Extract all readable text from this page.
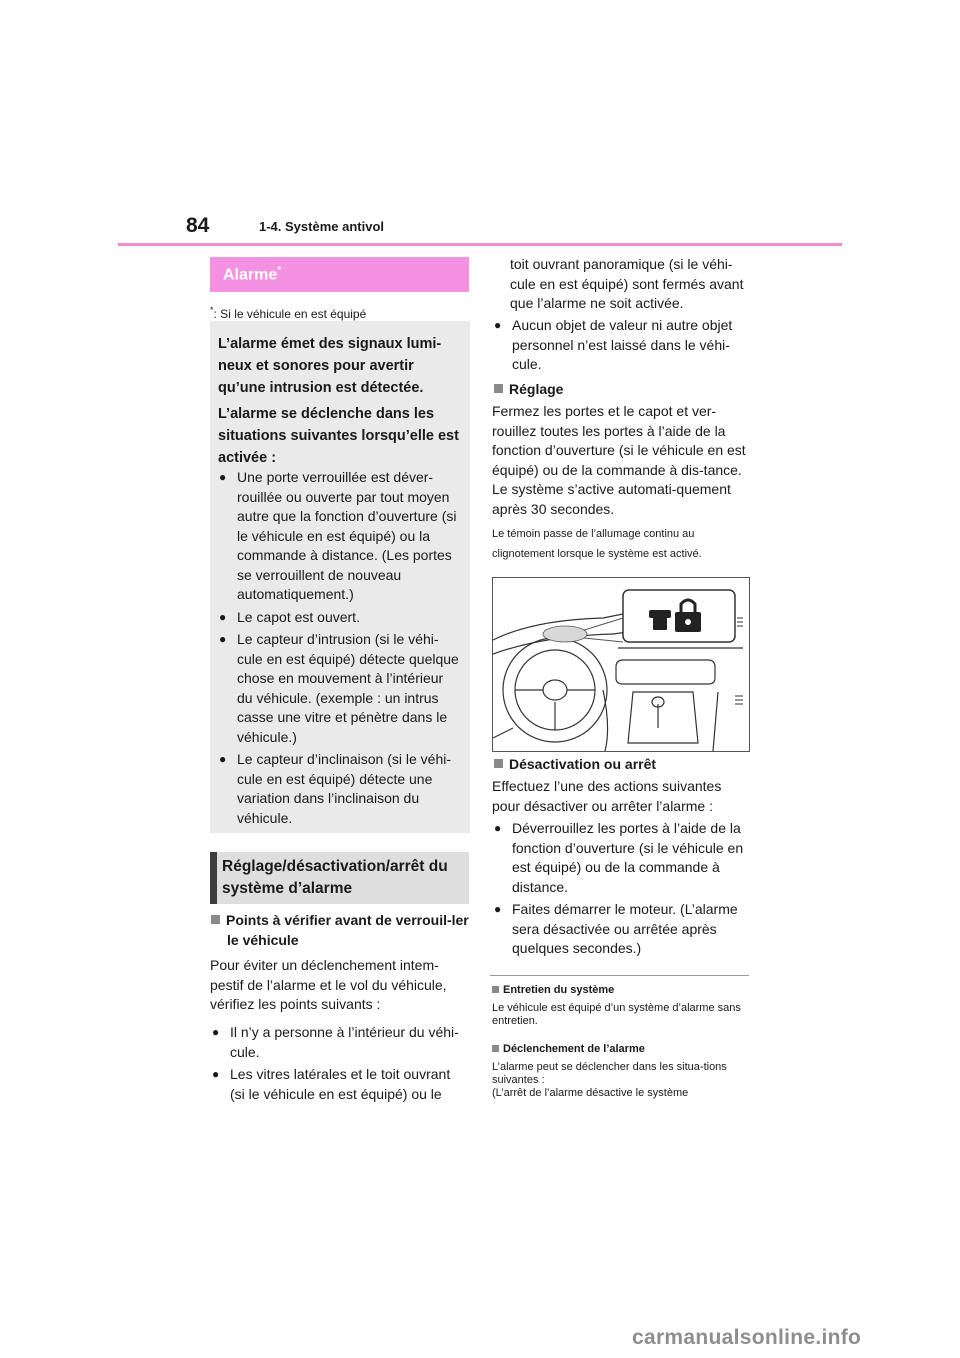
84	1-4. Système antivol
Alarme*
*: Si le véhicule en est équipé

L’alarme émet des signaux lumi-neux et sonores pour avertir qu’une intrusion est détectée.

L’alarme se déclenche dans les situations suivantes lorsqu’elle est activée :

● Une porte verrouillée est déver-rouillée ou ouverte par tout moyen autre que la fonction d’ouverture (si le véhicule en est équipé) ou la commande à distance. (Les portes se verrouillent de nouveau automatiquement.)
● Le capot est ouvert.
● Le capteur d’intrusion (si le véhi-cule en est équipé) détecte quelque chose en mouvement à l’intérieur du véhicule. (exemple : un intrus casse une vitre et pénètre dans le véhicule.)
● Le capteur d’inclinaison (si le véhi-cule en est équipé) détecte une variation dans l’inclinaison du véhicule.
Réglage/désactivation/arrêt du système d’alarme
Points à vérifier avant de verrouil-ler le véhicule
Pour éviter un déclenchement intem-pestif de l’alarme et le vol du véhicule, vérifiez les points suivants :
● Il n’y a personne à l’intérieur du véhi-cule.
● Les vitres latérales et le toit ouvrant (si le véhicule en est équipé) ou le
toit ouvrant panoramique (si le véhi-cule en est équipé) sont fermés avant que l’alarme ne soit activée.
● Aucun objet de valeur ni autre objet personnel n’est laissé dans le véhi-cule.
Réglage
Fermez les portes et le capot et ver-rouillez toutes les portes à l’aide de la fonction d’ouverture (si le véhicule en est équipé) ou de la commande à dis-tance. Le système s’active automati-quement après 30 secondes.
Le témoin passe de l’allumage continu au clignotement lorsque le système est activé.
Désactivation ou arrêt
Effectuez l’une des actions suivantes pour désactiver ou arrêter l’alarme :
● Déverrouillez les portes à l’aide de la fonction d’ouverture (si le véhicule en est équipé) ou de la commande à distance.
● Faites démarrer le moteur. (L’alarme sera désactivée ou arrêtée après quelques secondes.)
Entretien du système
Le véhicule est équipé d’un système d’alarme sans entretien.
Déclenchement de l’alarme
L’alarme peut se déclencher dans les situa-tions suivantes :
(L’arrêt de l’alarme désactive le système
carmanualsonline.info
